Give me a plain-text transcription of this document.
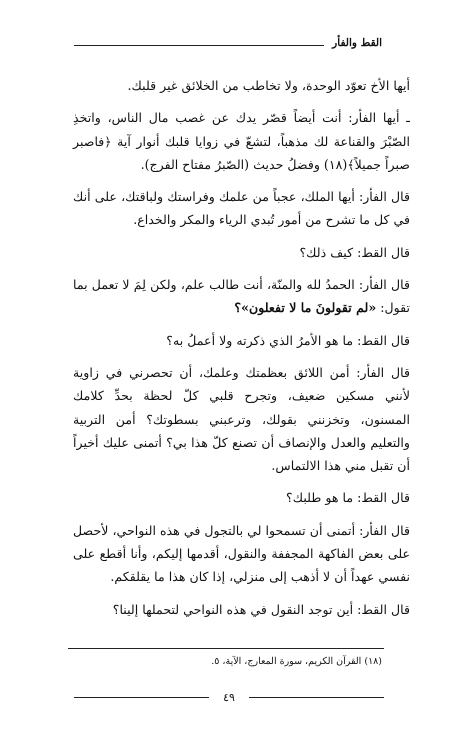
القط والفأر

أيها الأخ تعوّد الوحدة، ولا تخاطب من الخلائق غير قلبك.

ـ أيها الفأر: أنت أيضاً قصّر يدك عن غصب مال الناس، واتخذِ الصّبْرَ والقناعة لك مذهباً، لتشعّ في زوايا قلبك أنوار آية ﴿فاصبر صبراً جميلاً﴾(١٨) وفضلُ حديث (الصّبرُ مفتاح الفرج).

قال الفأر: أيها الملك، عجباً من علمك وفراستك ولباقتك، على أنك في كل ما تشرح من أمور تُبدي الرياء والمكر والخداع.

قال القط: كيف ذلك؟

قال الفأر: الحمدُ لله والمنّة، أنت طالب علم، ولكن لِمَ لا تعمل بما تقول: «لم تقولونَ ما لا تفعلون»؟

قال القط: ما هو الأمرُ الذي ذكرته ولا أعملُ به؟

قال الفأر: أمن اللائق بعظمتك وعلمك، أن تحصرني في زاوية لأنني مسكين ضعيف، وتجرح قلبي كلّ لحظة بحدِّ كلامك المسنون، وتخزنني بقولك، وترعبني بسطوتك؟ أمن التربية والتعليم والعدل والإنصاف أن تصنع كلّ هذا بي؟ أتمنى عليك أخيراً أن تقبل مني هذا الالتماس.

قال القط: ما هو طلبك؟

قال الفأر: أتمنى أن تسمحوا لي بالتجول في هذه النواحي، لأحصل على بعض الفاكهة المجففة والنقول، أقدمها إليكم، وأنا أقطع على نفسي عهداً أن لا أذهب إلى منزلي، إذا كان هذا ما يقلقكم.

قال القط: أين توجد النقول في هذه النواحي لتحملها إلينا؟

(١٨) القرآن الكريم، سورة المعارج، الآية، ٥.
٤٩
